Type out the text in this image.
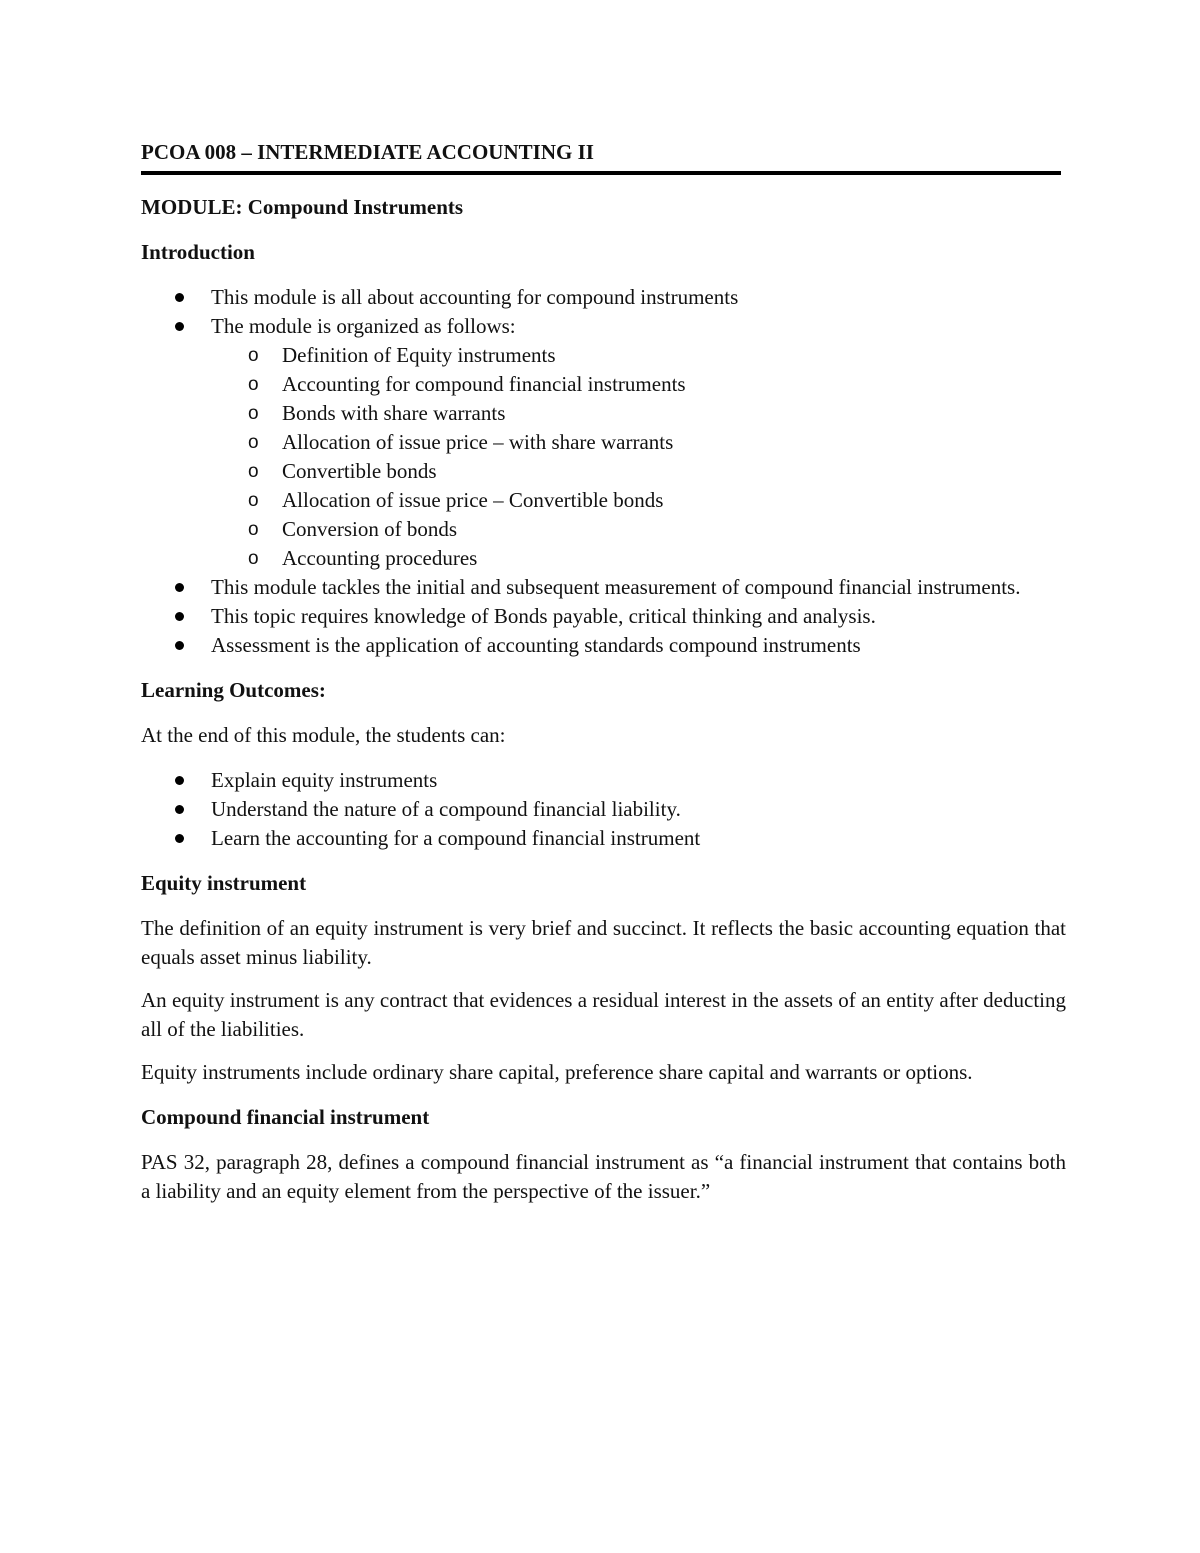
PCOA 008 – INTERMEDIATE ACCOUNTING II
MODULE: Compound Instruments
Introduction
This module is all about accounting for compound instruments
The module is organized as follows:
o Definition of Equity instruments
o Accounting for compound financial instruments
o Bonds with share warrants
o Allocation of issue price – with share warrants
o Convertible bonds
o Allocation of issue price – Convertible bonds
o Conversion of bonds
o Accounting procedures
This module tackles the initial and subsequent measurement of compound financial instruments.
This topic requires knowledge of Bonds payable, critical thinking and analysis.
Assessment is the application of accounting standards compound instruments
Learning Outcomes:
At the end of this module, the students can:
Explain equity instruments
Understand the nature of a compound financial liability.
Learn the accounting for a compound financial instrument
Equity instrument
The definition of an equity instrument is very brief and succinct. It reflects the basic accounting equation that equals asset minus liability.
An equity instrument is any contract that evidences a residual interest in the assets of an entity after deducting all of the liabilities.
Equity instruments include ordinary share capital, preference share capital and warrants or options.
Compound financial instrument
PAS 32, paragraph 28, defines a compound financial instrument as “a financial instrument that contains both a liability and an equity element from the perspective of the issuer.”
